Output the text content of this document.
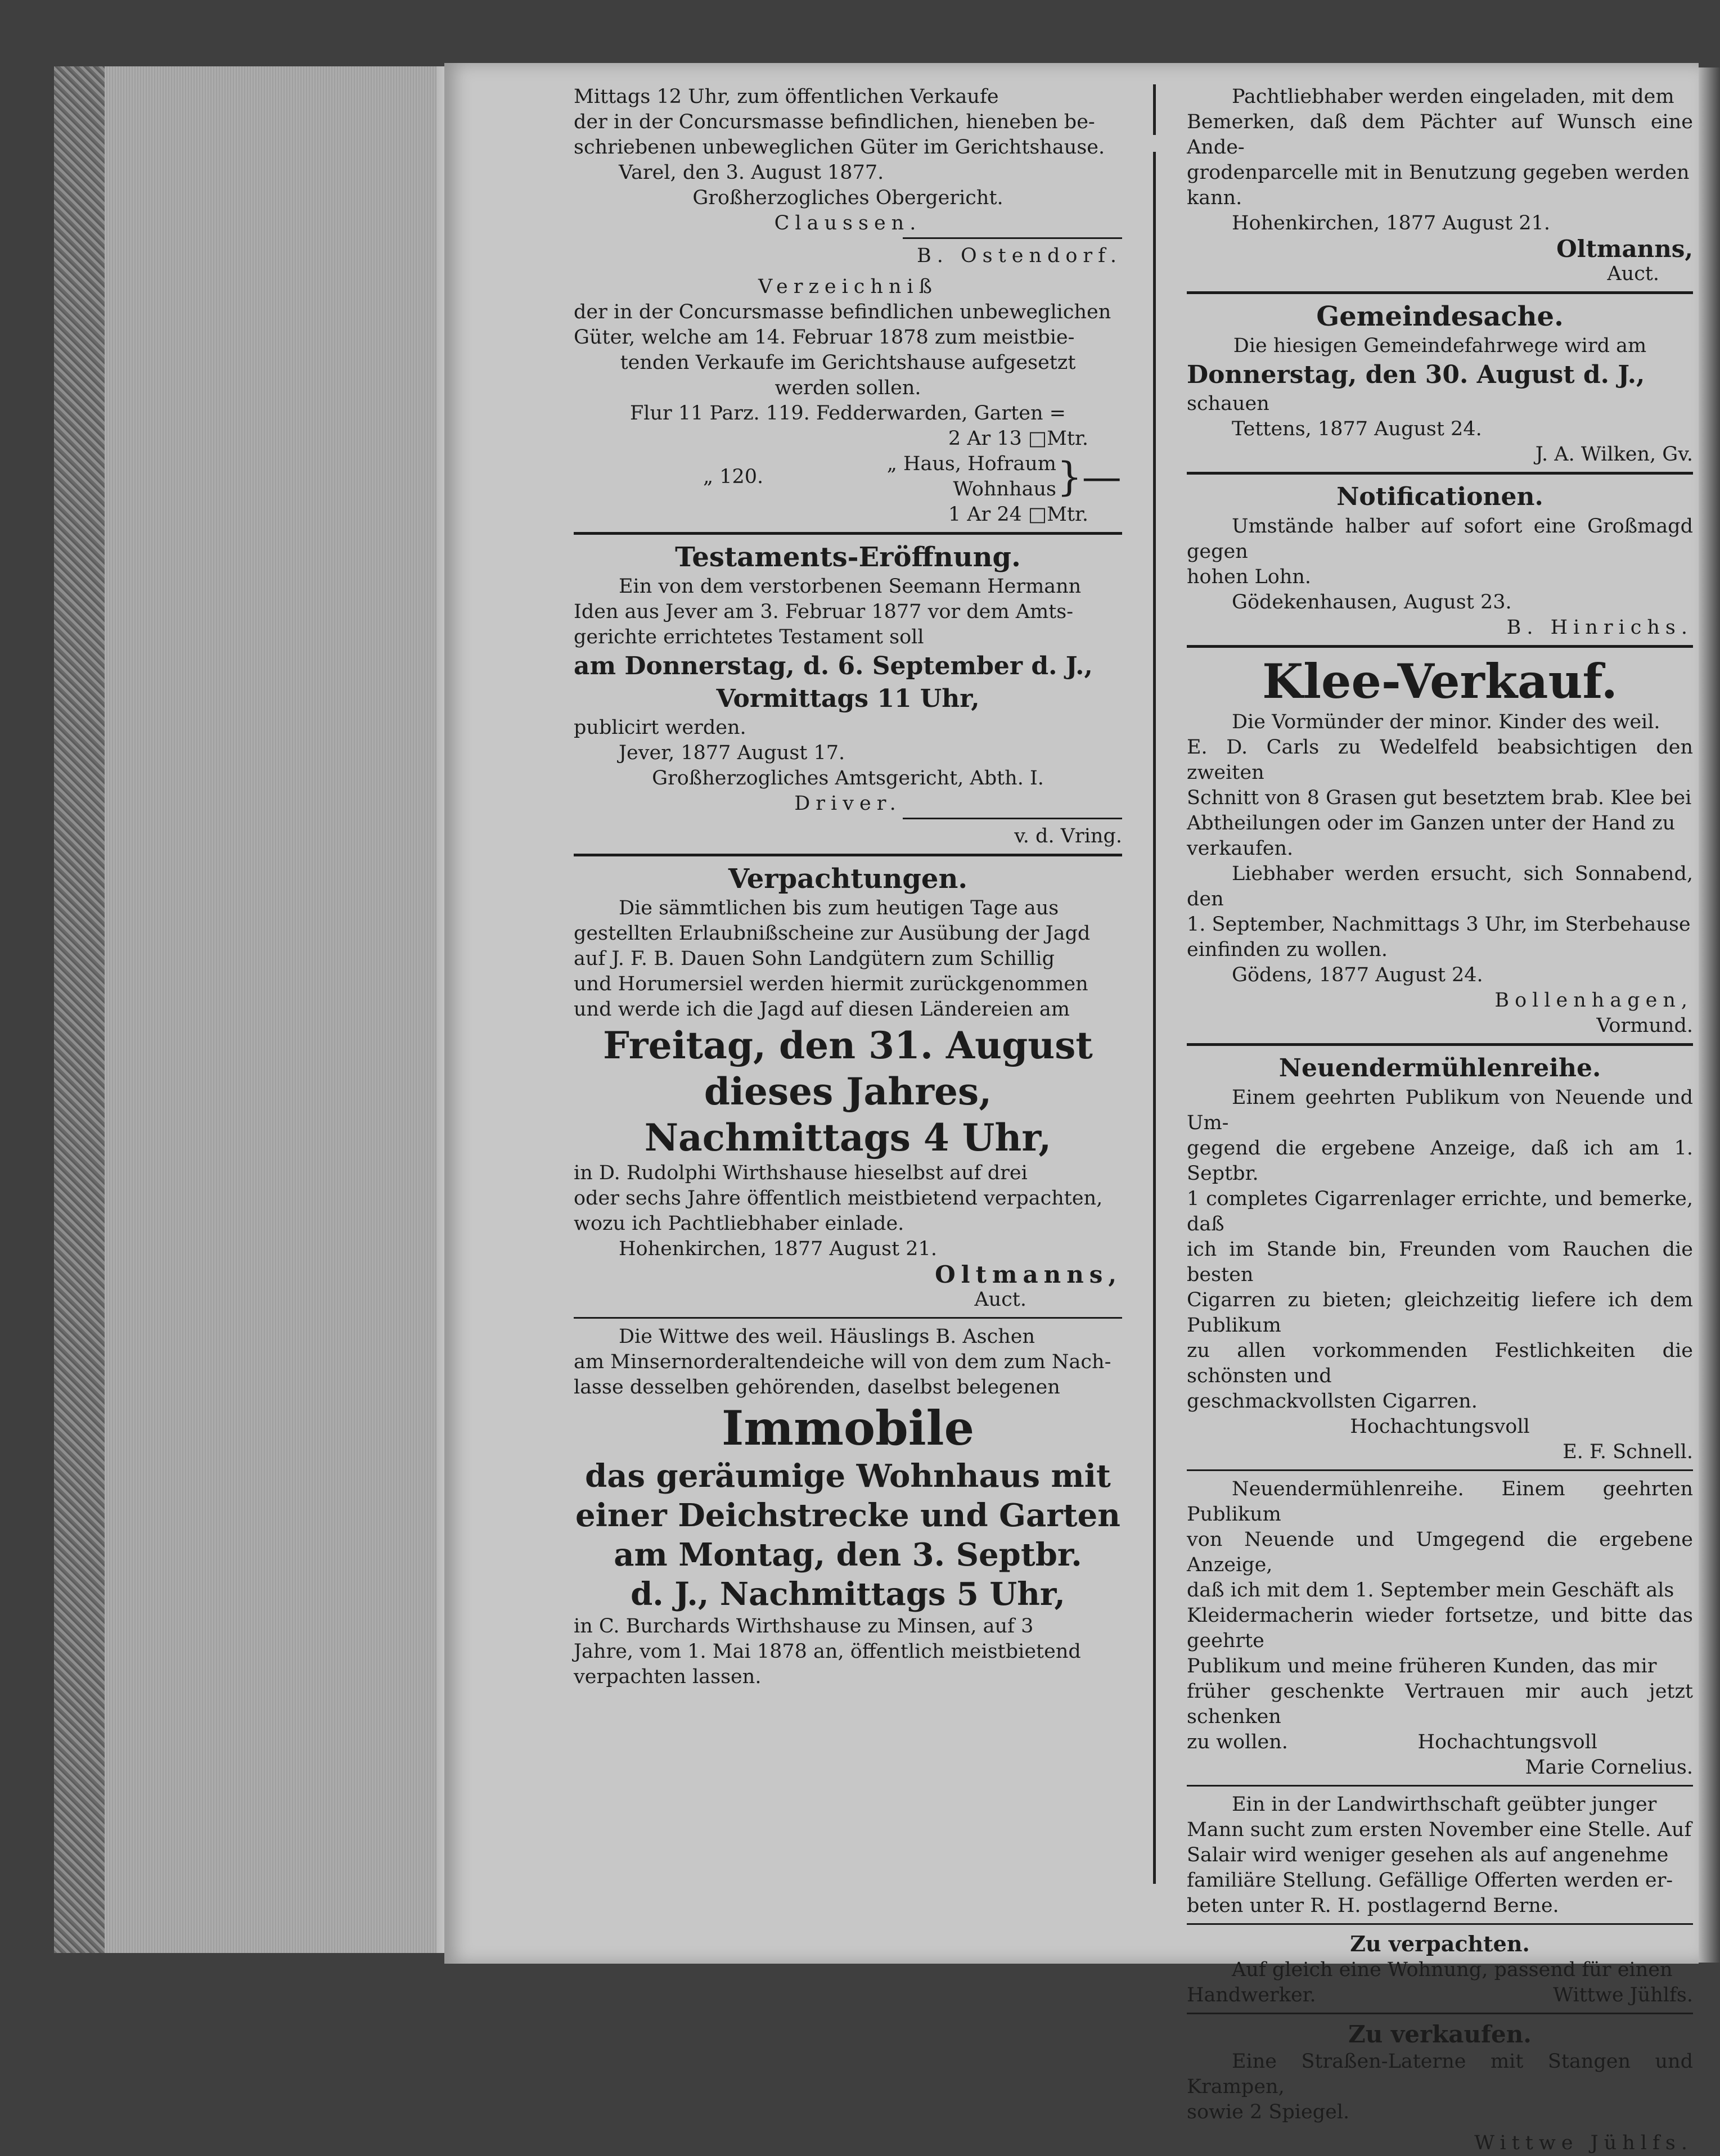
Mittags 12 Uhr, zum öffentlichen Verkaufe

der in der Concursmasse befindlichen, hieneben be-

schriebenen unbeweglichen Güter im Gerichtshause.

Varel, den 3. August 1877.

Großherzogliches Obergericht.

Claussen.

B. Ostendorf.

Verzeichniß

der in der Concursmasse befindlichen unbeweglichen

Güter, welche am 14. Februar 1878 zum meistbie-

tenden Verkaufe im Gerichtshause aufgesetzt

werden sollen.

Flur 11 Parz. 119. Fedderwarden, Garten =

2 Ar 13 □Mtr.

„ 120.

„ Haus, Hofraum

Wohnhaus }—

1 Ar 24 □Mtr.

Testaments-Eröffnung.

Ein von dem verstorbenen Seemann Hermann

Iden aus Jever am 3. Februar 1877 vor dem Amts-

gerichte errichtetes Testament soll

am Donnerstag, d. 6. September d. J.,

Vormittags 11 Uhr,

publicirt werden.

Jever, 1877 August 17.

Großherzogliches Amtsgericht, Abth. I.

Driver.

v. d. Vring.

Verpachtungen.

Die sämmtlichen bis zum heutigen Tage aus

gestellten Erlaubnißscheine zur Ausübung der Jagd

auf J. F. B. Dauen Sohn Landgütern zum Schillig

und Horumersiel werden hiermit zurückgenommen

und werde ich die Jagd auf diesen Ländereien am

Freitag, den 31. August

dieses Jahres,

Nachmittags 4 Uhr,

in D. Rudolphi Wirthshause hieselbst auf drei

oder sechs Jahre öffentlich meistbietend verpachten,

wozu ich Pachtliebhaber einlade.

Hohenkirchen, 1877 August 21.

Oltmanns,

Auct.

Die Wittwe des weil. Häuslings B. Aschen

am Minsernorderaltendeiche will von dem zum Nach-

lasse desselben gehörenden, daselbst belegenen

Immobile

das geräumige Wohnhaus mit

einer Deichstrecke und Garten

am Montag, den 3. Septbr.

d. J., Nachmittags 5 Uhr,

in C. Burchards Wirthshause zu Minsen, auf 3

Jahre, vom 1. Mai 1878 an, öffentlich meistbietend

verpachten lassen.

Pachtliebhaber werden eingeladen, mit dem

Bemerken, daß dem Pächter auf Wunsch eine Ande-

grodenparcelle mit in Benutzung gegeben werden

kann.

Hohenkirchen, 1877 August 21.

Oltmanns,

Auct.

Gemeindesache.

Die hiesigen Gemeindefahrwege wird am

Donnerstag, den 30. August d. J.,

schauen

Tettens, 1877 August 24.

J. A. Wilken, Gv.

Notificationen.

Umstände halber auf sofort eine Großmagd gegen

hohen Lohn.

Gödekenhausen, August 23.

B. Hinrichs.

Klee-Verkauf.

Die Vormünder der minor. Kinder des weil.

E. D. Carls zu Wedelfeld beabsichtigen den zweiten

Schnitt von 8 Grasen gut besetztem brab. Klee bei

Abtheilungen oder im Ganzen unter der Hand zu

verkaufen.

Liebhaber werden ersucht, sich Sonnabend, den

1. September, Nachmittags 3 Uhr, im Sterbehause

einfinden zu wollen.

Gödens, 1877 August 24.

Bollenhagen,

Vormund.

Neuendermühlenreihe.

Einem geehrten Publikum von Neuende und Um-

gegend die ergebene Anzeige, daß ich am 1. Septbr.

1 completes Cigarrenlager errichte, und bemerke, daß

ich im Stande bin, Freunden vom Rauchen die besten

Cigarren zu bieten; gleichzeitig liefere ich dem Publikum

zu allen vorkommenden Festlichkeiten die schönsten und

geschmackvollsten Cigarren.

Hochachtungsvoll

E. F. Schnell.

Neuendermühlenreihe. Einem geehrten Publikum

von Neuende und Umgegend die ergebene Anzeige,

daß ich mit dem 1. September mein Geschäft als

Kleidermacherin wieder fortsetze, und bitte das geehrte

Publikum und meine früheren Kunden, das mir

früher geschenkte Vertrauen mir auch jetzt schenken

zu wollen.	Hochachtungsvoll

Marie Cornelius.

Ein in der Landwirthschaft geübter junger

Mann sucht zum ersten November eine Stelle. Auf

Salair wird weniger gesehen als auf angenehme

familiäre Stellung. Gefällige Offerten werden er-

beten unter R. H. postlagernd Berne.

Zu verpachten.

Auf gleich eine Wohnung, passend für einen

Handwerker.	Wittwe Jühlfs.

Zu verkaufen.

Eine Straßen-Laterne mit Stangen und Krampen,

sowie 2 Spiegel.

Wittwe Jühlfs.
